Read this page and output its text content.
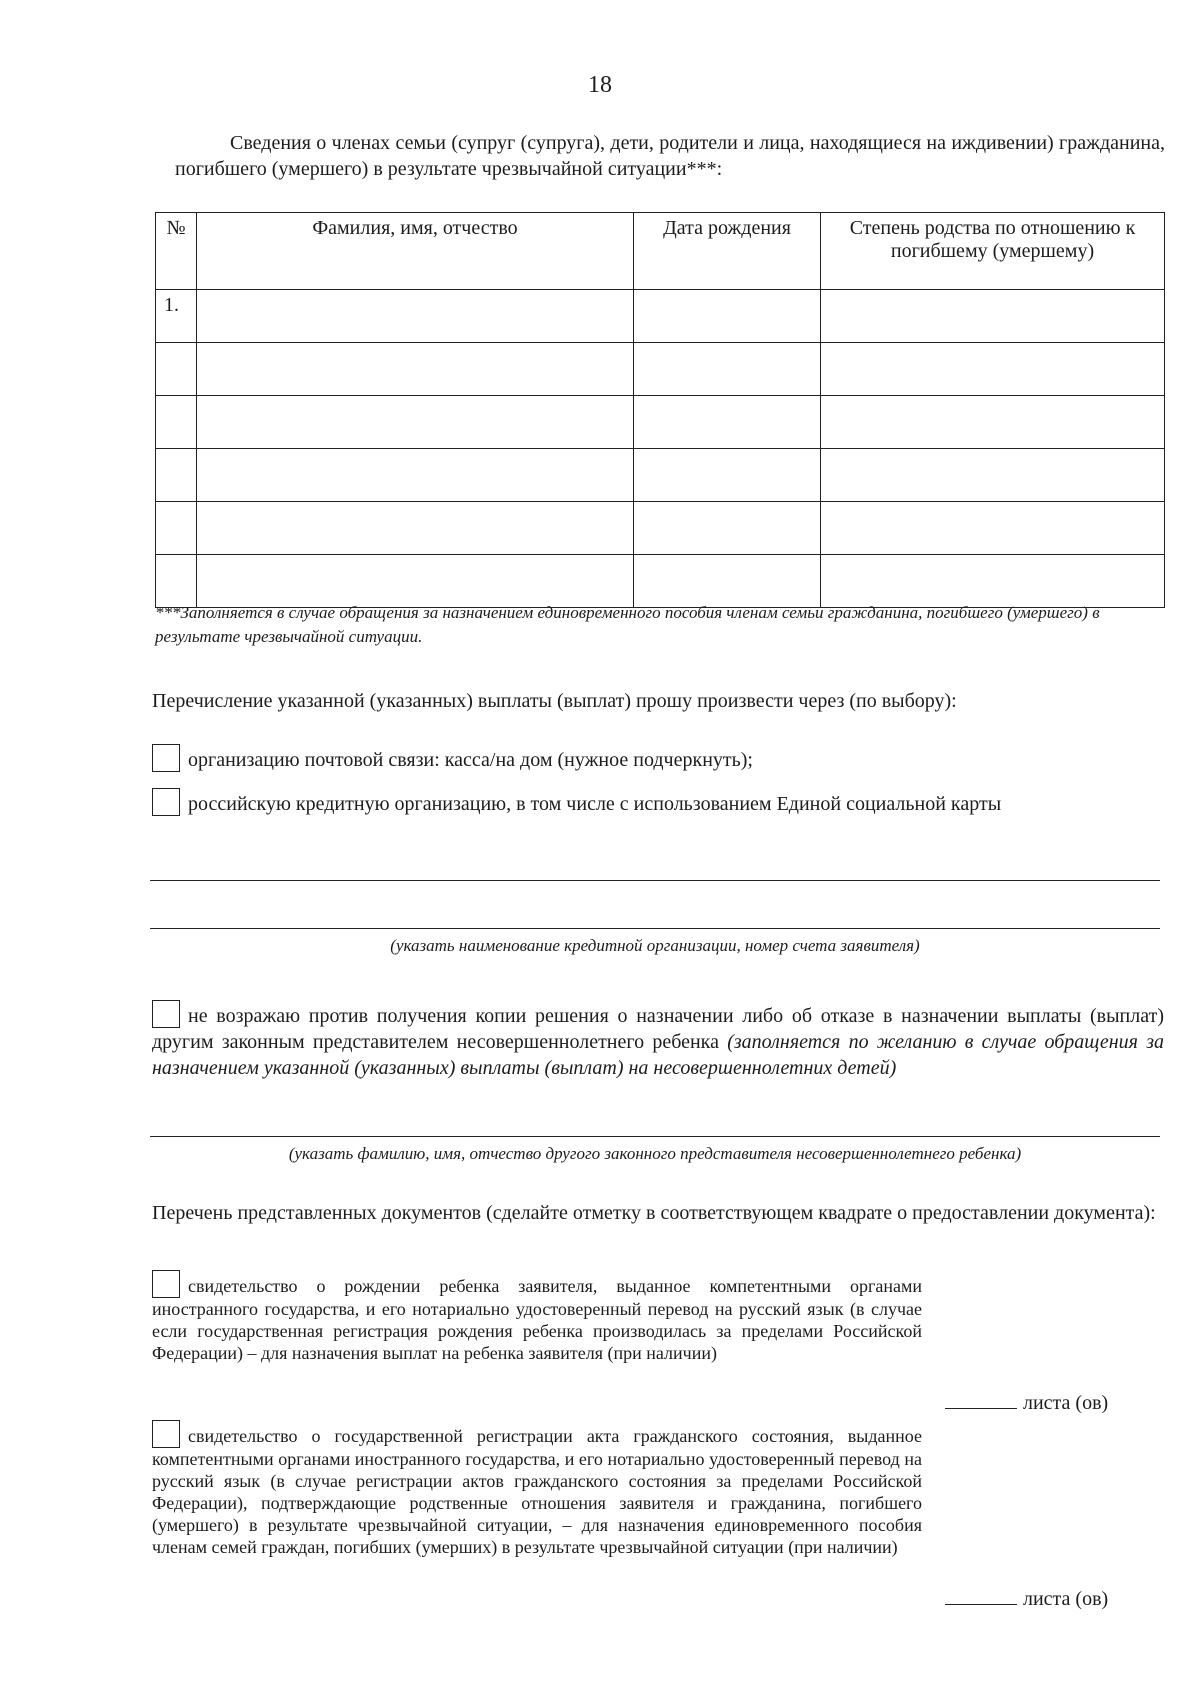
18
Сведения о членах семьи (супруг (супруга), дети, родители и лица, находящиеся на иждивении) гражданина, погибшего (умершего) в результате чрезвычайной ситуации***:
№	Фамилия, имя, отчество	Дата рождения	Степень родства по отношению к погибшему (умершему)
1.			

***Заполняется в случае обращения за назначением единовременного пособия членам семьи гражданина, погибшего (умершего) в результате чрезвычайной ситуации.
Перечисление указанной (указанных) выплаты (выплат) прошу произвести через (по выбору):
организацию почтовой связи: касса/на дом (нужное подчеркнуть);
российскую кредитную организацию, в том числе с использованием Единой социальной карты
(указать наименование кредитной организации, номер счета заявителя)
не возражаю против получения копии решения о назначении либо об отказе в назначении выплаты (выплат) другим законным представителем несовершеннолетнего ребенка (заполняется по желанию в случае обращения за назначением указанной (указанных) выплаты (выплат) на несовершеннолетних детей)
(указать фамилию, имя, отчество другого законного представителя несовершеннолетнего ребенка)
Перечень представленных документов (сделайте отметку в соответствующем квадрате о предоставлении документа):
свидетельство о рождении ребенка заявителя, выданное компетентными органами иностранного государства, и его нотариально удостоверенный перевод на русский язык (в случае если государственная регистрация рождения ребенка производилась за пределами Российской Федерации) – для назначения выплат на ребенка заявителя (при наличии)
листа (ов)
свидетельство о государственной регистрации акта гражданского состояния, выданное компетентными органами иностранного государства, и его нотариально удостоверенный перевод на русский язык (в случае регистрации актов гражданского состояния за пределами Российской Федерации), подтверждающие родственные отношения заявителя и гражданина, погибшего (умершего) в результате чрезвычайной ситуации, – для назначения единовременного пособия членам семей граждан, погибших (умерших) в результате чрезвычайной ситуации (при наличии)
листа (ов)
